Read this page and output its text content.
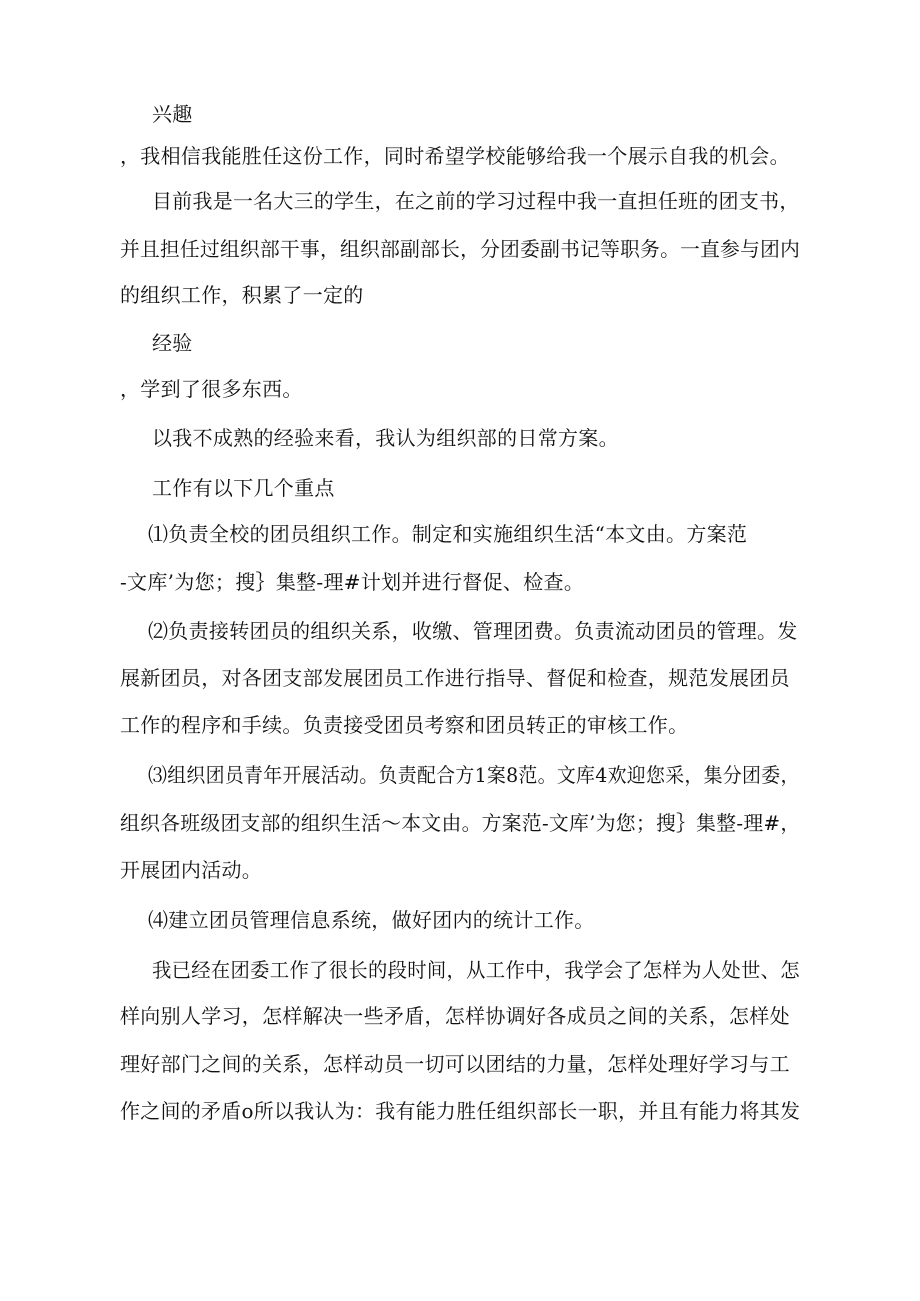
兴趣
，我相信我能胜任这份工作，同时希望学校能够给我一个展示自我的机会。
目前我是一名大三的学生，在之前的学习过程中我一直担任班的团支书，
并且担任过组织部干事，组织部副部长，分团委副书记等职务。一直参与团内
的组织工作，积累了一定的
经验
，学到了很多东西。
以我不成熟的经验来看，我认为组织部的日常方案。
工作有以下几个重点
⑴负责全校的团员组织工作。制定和实施组织生活“本文由。方案范
-文库’为您；搜｝集整-理#计划并进行督促、检查。
⑵负责接转团员的组织关系，收缴、管理团费。负责流动团员的管理。发
展新团员，对各团支部发展团员工作进行指导、督促和检查，规范发展团员
工作的程序和手续。负责接受团员考察和团员转正的审核工作。
⑶组织团员青年开展活动。负责配合方1案8范。文库4欢迎您采，集分团委，
组织各班级团支部的组织生活～本文由。方案范-文库’为您；搜｝集整-理#，
开展团内活动。
⑷建立团员管理信息系统，做好团内的统计工作。
我已经在团委工作了很长的段时间，从工作中，我学会了怎样为人处世、怎
样向别人学习，怎样解决一些矛盾，怎样协调好各成员之间的关系，怎样处
理好部门之间的关系，怎样动员一切可以团结的力量，怎样处理好学习与工
作之间的矛盾o所以我认为：我有能力胜任组织部长一职，并且有能力将其发
